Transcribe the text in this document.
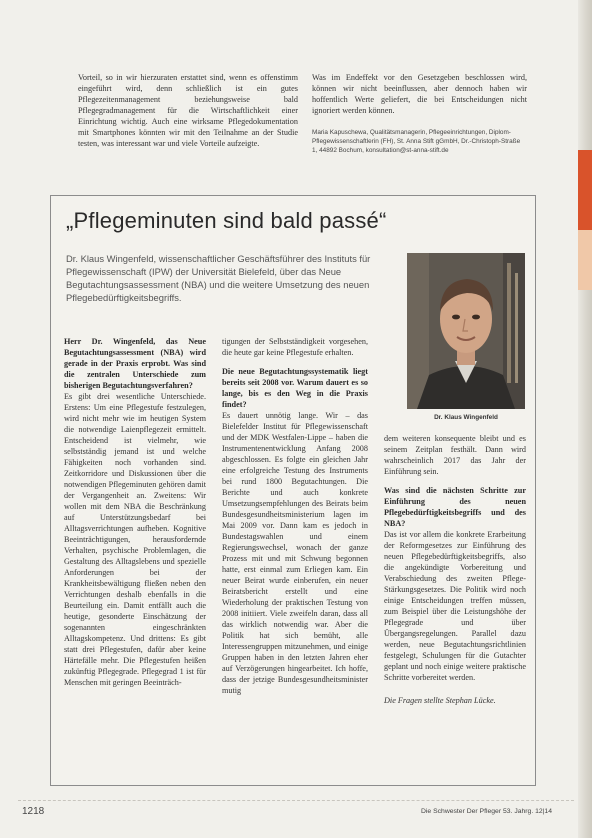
Vorteil, so in wir hierzuraten erstattet sind, wenn es offenstimm eingeführt wird, denn schließlich ist ein gutes Pflegezeitenmanagement beziehungsweise bald Pflegegradmanagement für die Wirtschaftlichkeit einer Einrichtung wichtig. Auch eine wirksame Pflegedokumentation mit Smartphones könnten wir mit den Teilnahme an der Studie testen, was interessant war und viele Vorteile aufzeigte.
Was im Endeffekt vor den Gesetzgeben beschlossen wird, können wir nicht beeinflussen, aber dennoch haben wir hoffentlich Werte geliefert, die bei Entscheidungen nicht ignoriert werden können.
Maria Kapuschewa, Qualitätsmanagerin, Pflegeeinrichtungen, Diplom-Pflegewissenschaftlerin (FH), St. Anna Stift gGmbH, Dr.-Christoph-Straße 1, 44892 Bochum, konsultation@st-anna-stift.de
„Pflegeminuten sind bald passé“

Dr. Klaus Wingenfeld, wissenschaftlicher Geschäftsführer des Instituts für Pflegewissenschaft (IPW) der Universität Bielefeld, über das Neue Begutachtungsassessment (NBA) und die weitere Umsetzung des neuen Pflegebedürftigkeitsbegriffs.

Dr. Klaus Wingenfeld

Herr Dr. Wingenfeld, das Neue Begutachtungsassessment (NBA) wird gerade in der Praxis erprobt. Was sind die zentralen Unterschiede zum bisherigen Begutachtungsverfahren?

Es gibt drei wesentliche Unterschiede. Erstens: Um eine Pflegestufe festzulegen, wird nicht mehr wie im heutigen System die notwendige Laienpflegezeit ermittelt. Entscheidend ist vielmehr, wie selbstständig jemand ist und welche Fähigkeiten noch vorhanden sind. Zeitkorridore und Diskussionen über die notwendigen Pflegeminuten gehören damit der Vergangenheit an. Zweitens: Wir wollen mit dem NBA die Beschränkung auf Unterstützungsbedarf bei Alltagsverrichtungen aufheben. Kognitive Beeinträchtigungen, herausfordernde Verhalten, psychische Problemlagen, die Gestaltung des Alltagslebens und spezielle Anforderungen bei der Krankheitsbewältigung fließen neben den Verrichtungen deshalb ebenfalls in die Beurteilung ein. Damit entfällt auch die heutige, gesonderte Einschätzung der sogenannten eingeschränkten Alltagskompetenz. Und drittens: Es gibt statt drei Pflegestufen, dafür aber keine Härtefälle mehr. Die Pflegestufen heißen zukünftig Pflegegrade. Pflegegrad 1 ist für Menschen mit geringen Beeinträch-

tigungen der Selbstständigkeit vorgesehen, die heute gar keine Pflegestufe erhalten.

Die neue Begutachtungssystematik liegt bereits seit 2008 vor. Warum dauert es so lange, bis es den Weg in die Praxis findet?

Es dauert unnötig lange. Wir – das Bielefelder Institut für Pflegewissenschaft und der MDK Westfalen-Lippe – haben die Instrumentenentwicklung Anfang 2008 abgeschlossen. Es folgte ein gleichen Jahr eine erfolgreiche Testung des Instruments bei rund 1800 Begutachtungen. Die Berichte und auch konkrete Umsetzungsempfehlungen des Beirats beim Bundesgesundheitsministerium lagen im Mai 2009 vor. Dann kam es jedoch in Bundestagswahlen und einem Regierungswechsel, wonach der ganze Prozess mit und mit Schwung begonnen hatte, erst einmal zum Erliegen kam. Ein neuer Beirat wurde einberufen, ein neuer Beiratsbericht erstellt und eine Wiederholung der praktischen Testung von 2008 initiiert. Viele zweifeln daran, dass all das wirklich notwendig war. Aber die Politik hat sich bemüht, alle Interessengruppen mitzunehmen, und einige Gruppen haben in den letzten Jahren eher auf Verzögerungen hingearbeitet. Ich hoffe, dass der jetzige Bundesgesundheitsminister mutig

dem weiteren konsequente bleibt und es seinem Zeitplan festhält. Dann wird wahrscheinlich 2017 das Jahr der Einführung sein.

Was sind die nächsten Schritte zur Einführung des neuen Pflegebedürftigkeitsbegriffs und des NBA?

Das ist vor allem die konkrete Erarbeitung der Reformgesetzes zur Einführung des neuen Pflegebedürftigkeitsbegriffs, also die angekündigte Vorbereitung und Verabschiedung des zweiten Pflege-Stärkungsgesetzes. Die Politik wird noch einige Entscheidungen treffen müssen, zum Beispiel über die Leistungshöhe der Pflegegrade und über Übergangsregelungen. Parallel dazu werden, neue Begutachtungsrichtlinien festgelegt, Schulungen für die Gutachter geplant und noch einige weitere praktische Schritte vorbereitet werden.

Die Fragen stellte Stephan Lücke.

1218	Die Schwester Der Pfleger 53. Jahrg. 12|14
